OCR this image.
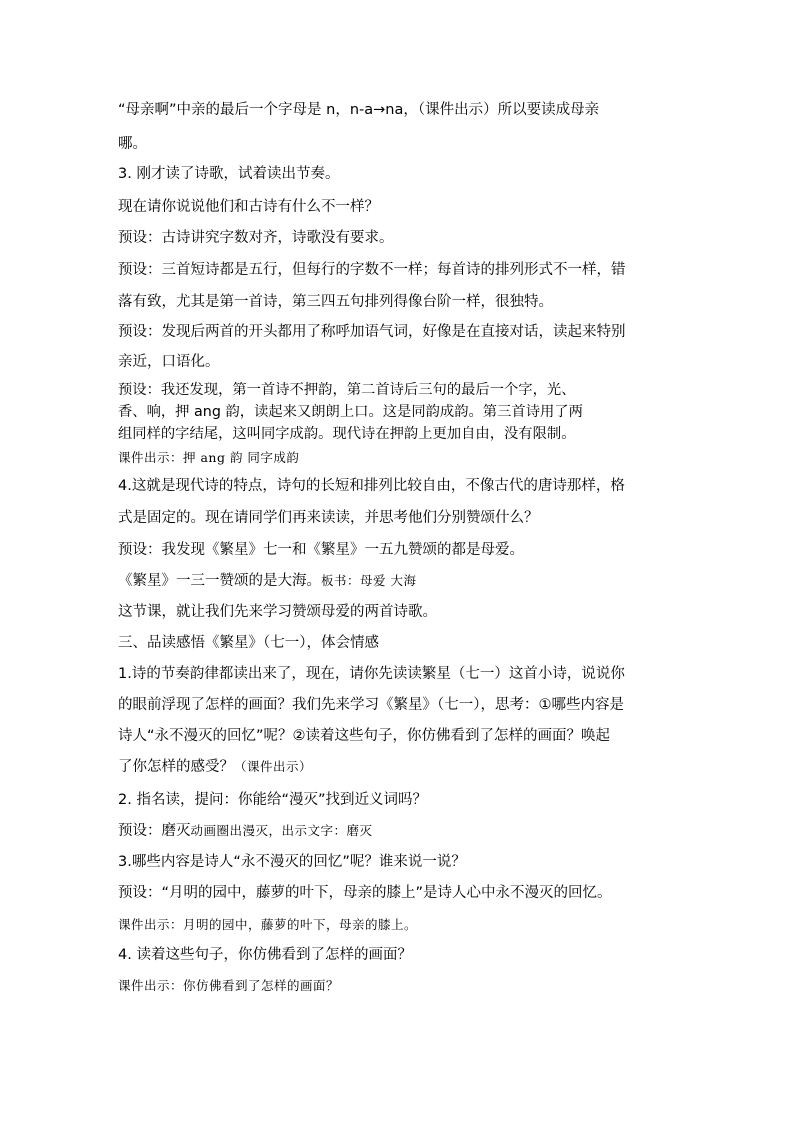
“母亲啊”中亲的最后一个字母是 n，n-a→na，（课件出示）所以要读成母亲
哪。
3. 刚才读了诗歌，试着读出节奏。
现在请你说说他们和古诗有什么不一样？
预设：古诗讲究字数对齐，诗歌没有要求。
预设：三首短诗都是五行，但每行的字数不一样；每首诗的排列形式不一样，错
落有致，尤其是第一首诗，第三四五句排列得像台阶一样，很独特。
预设：发现后两首的开头都用了称呼加语气词，好像是在直接对话，读起来特别
亲近，口语化。
预设：我还发现，第一首诗不押韵，第二首诗后三句的最后一个字，光、
香、响，押 ang 韵，读起来又朗朗上口。这是同韵成韵。第三首诗用了两
组同样的字结尾，这叫同字成韵。现代诗在押韵上更加自由，没有限制。
课件出示：押 ang 韵 同字成韵
4.这就是现代诗的特点，诗句的长短和排列比较自由，不像古代的唐诗那样，格
式是固定的。现在请同学们再来读读，并思考他们分别赞颂什么？
预设：我发现《繁星》七一和《繁星》一五九赞颂的都是母爱。
《繁星》一三一赞颂的是大海。板书：母爱 大海
这节课，就让我们先来学习赞颂母爱的两首诗歌。
三、品读感悟《繁星》（七一），体会情感
1.诗的节奏韵律都读出来了，现在，请你先读读繁星（七一）这首小诗，说说你
的眼前浮现了怎样的画面？我们先来学习《繁星》（七一），思考：①哪些内容是
诗人“永不漫灭的回忆”呢？②读着这些句子，你仿佛看到了怎样的画面？唤起
了你怎样的感受？（课件出示）
2. 指名读，提问：你能给“漫灭”找到近义词吗？
预设：磨灭动画圈出漫灭，出示文字：磨灭
3.哪些内容是诗人“永不漫灭的回忆”呢？谁来说一说？
预设：“月明的园中，藤萝的叶下，母亲的膝上”是诗人心中永不漫灭的回忆。
课件出示：月明的园中，藤萝的叶下，母亲的膝上。
4. 读着这些句子，你仿佛看到了怎样的画面？
课件出示：你仿佛看到了怎样的画面？
